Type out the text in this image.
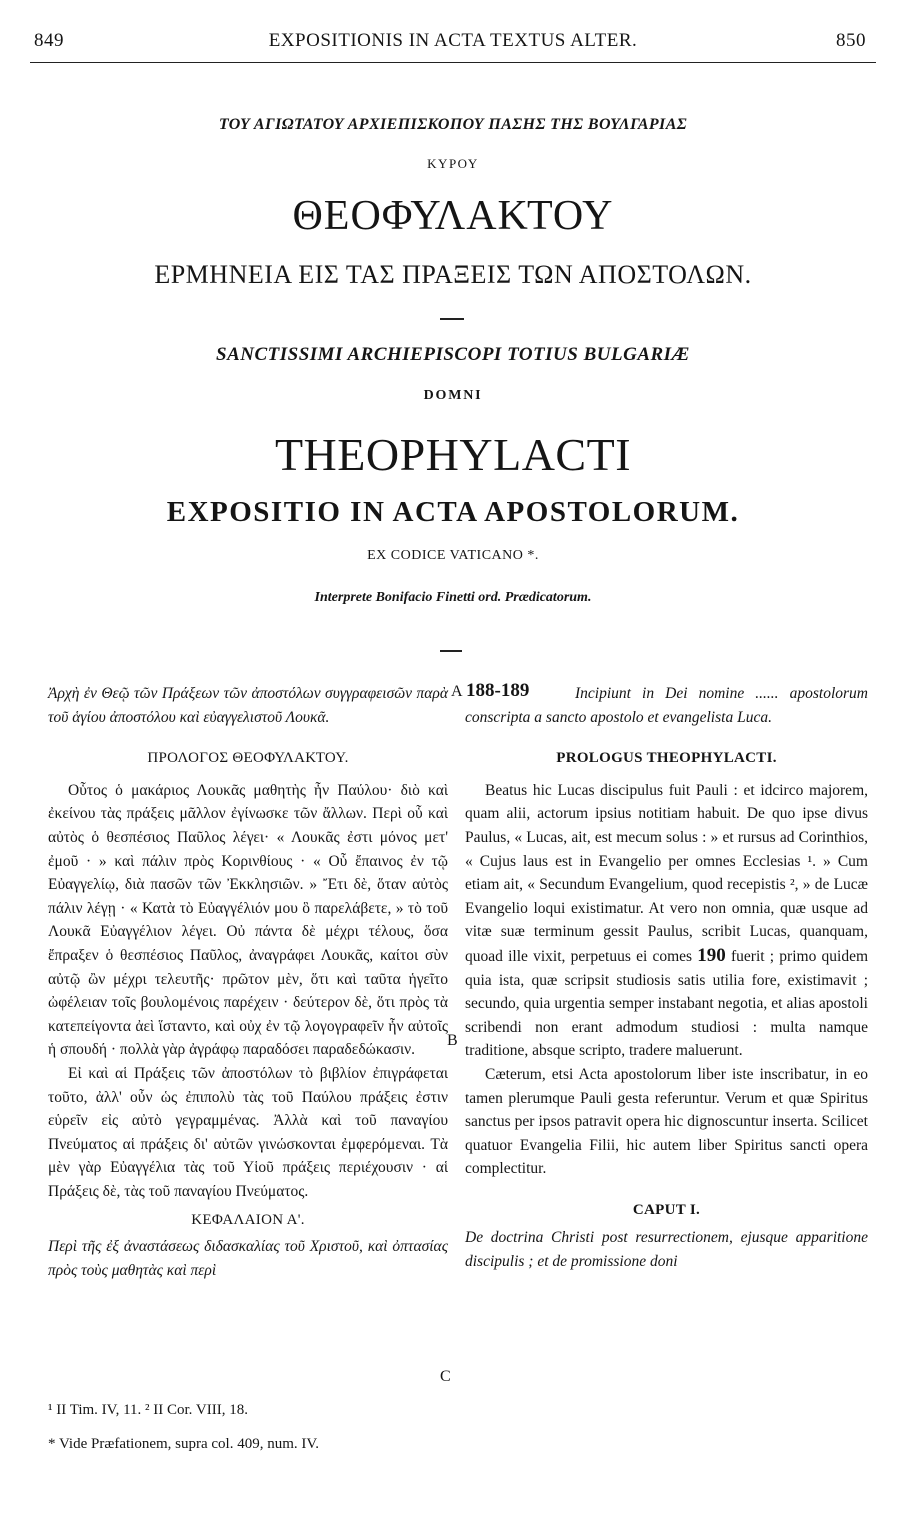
849	EXPOSITIONIS IN ACTA TEXTUS ALTER.	850
ΤΟΥ ΑΓΙΩΤΑΤΟΥ ΑΡΧΙΕΠΙΣΚΟΠΟΥ ΠΑΣΗΣ ΤΗΣ ΒΟΥΛΓΑΡΙΑΣ
ΚΥΡΟΥ
ΘΕΟΦΥΛΑΚΤΟΥ
ΕΡΜΗΝΕΙΑ ΕΙΣ ΤΑΣ ΠΡΑΞΕΙΣ ΤΩΝ ΑΠΟΣΤΟΛΩΝ.
SANCTISSIMI ARCHIEPISCOPI TOTIUS BULGARIÆ
DOMNI
THEOPHYLACTI
EXPOSITIO IN ACTA APOSTOLORUM.
EX CODICE VATICANO *.
Interprete Bonifacio Finetti ord. Prædicatorum.
A 188-189
B
C

Ἀρχὴ ἐν Θεῷ τῶν Πράξεων τῶν ἀποστόλων συγγραφεισῶν παρὰ τοῦ ἁγίου ἀποστόλου καὶ εὐαγγελιστοῦ Λουκᾶ.

ΠΡΟΛΟΓΟΣ ΘΕΟΦΥΛΑΚΤΟΥ.

Οὗτος ὁ μακάριος Λουκᾶς μαθητὴς ἦν Παύλου· διὸ καὶ ἐκείνου τὰς πράξεις μᾶλλον ἐγίνωσκε τῶν ἄλλων. Περὶ οὗ καὶ αὐτὸς ὁ θεσπέσιος Παῦλος λέγει· « Λουκᾶς ἐστι μόνος μετ' ἐμοῦ · » καὶ πάλιν πρὸς Κορινθίους · « Οὗ ἔπαινος ἐν τῷ Εὐαγγελίῳ, διὰ πασῶν τῶν Ἐκκλησιῶν. » Ἔτι δὲ, ὅταν αὐτὸς πάλιν λέγῃ · « Κατὰ τὸ Εὐαγγέλιόν μου ὃ παρελάβετε, » τὸ τοῦ Λουκᾶ Εὐαγγέλιον λέγει. Οὐ πάντα δὲ μέχρι τέλους, ὅσα ἔπραξεν ὁ θεσπέσιος Παῦλος, ἀναγράφει Λουκᾶς, καίτοι σὺν αὐτῷ ὢν μέχρι τελευτῆς· πρῶτον μὲν, ὅτι καὶ ταῦτα ἡγεῖτο ὠφέλειαν τοῖς βουλομένοις παρέχειν · δεύτερον δὲ, ὅτι πρὸς τὰ κατεπείγοντα ἀεὶ ἵσταντο, καὶ οὐχ ἐν τῷ λογογραφεῖν ἦν αὐτοῖς ἡ σπουδή · πολλὰ γὰρ ἀγράφῳ παραδόσει παραδεδώκασιν.

Εἰ καὶ αἱ Πράξεις τῶν ἀποστόλων τὸ βιβλίον ἐπιγράφεται τοῦτο, ἀλλ' οὖν ὡς ἐπιπολὺ τὰς τοῦ Παύλου πράξεις ἐστιν εὑρεῖν εἰς αὐτὸ γεγραμμένας. Ἀλλὰ καὶ τοῦ παναγίου Πνεύματος αἱ πράξεις δι' αὐτῶν γινώσκονται ἐμφερόμεναι. Τὰ μὲν γὰρ Εὐαγγέλια τὰς τοῦ Υἱοῦ πράξεις περιέχουσιν · αἱ Πράξεις δὲ, τὰς τοῦ παναγίου Πνεύματος.

ΚΕΦΑΛΑΙΟΝ Α'.

Περὶ τῆς ἐξ ἀναστάσεως διδασκαλίας τοῦ Χριστοῦ, καὶ ὀπτασίας πρὸς τοὺς μαθητὰς καὶ περὶ

Incipiunt in Dei nomine ...... apostolorum conscripta a sancto apostolo et evangelista Luca.

PROLOGUS THEOPHYLACTI.

Beatus hic Lucas discipulus fuit Pauli : et idcirco majorem, quam alii, actorum ipsius notitiam habuit. De quo ipse divus Paulus, « Lucas, ait, est mecum solus : » et rursus ad Corinthios, « Cujus laus est in Evangelio per omnes Ecclesias ¹. » Cum etiam ait, « Secundum Evangelium, quod recepistis ², » de Lucæ Evangelio loqui existimatur. At vero non omnia, quæ usque ad vitæ suæ terminum gessit Paulus, scribit Lucas, quanquam, quoad ille vixit, perpetuus ei comes 190 fuerit ; primo quidem quia ista, quæ scripsit studiosis satis utilia fore, existimavit ; secundo, quia urgentia semper instabant negotia, et alias apostoli scribendi non erant admodum studiosi : multa namque traditione, absque scripto, tradere maluerunt.

Cæterum, etsi Acta apostolorum liber iste inscribatur, in eo tamen plerumque Pauli gesta referuntur. Verum et quæ Spiritus sanctus per ipsos patravit opera hic dignoscuntur inserta. Scilicet quatuor Evangelia Filii, hic autem liber Spiritus sancti opera complectitur.

CAPUT I.

De doctrina Christi post resurrectionem, ejusque apparitione discipulis ; et de promissione doni

¹ II Tim. IV, 11. ² II Cor. VIII, 18.
* Vide Præfationem, supra col. 409, num. IV.
